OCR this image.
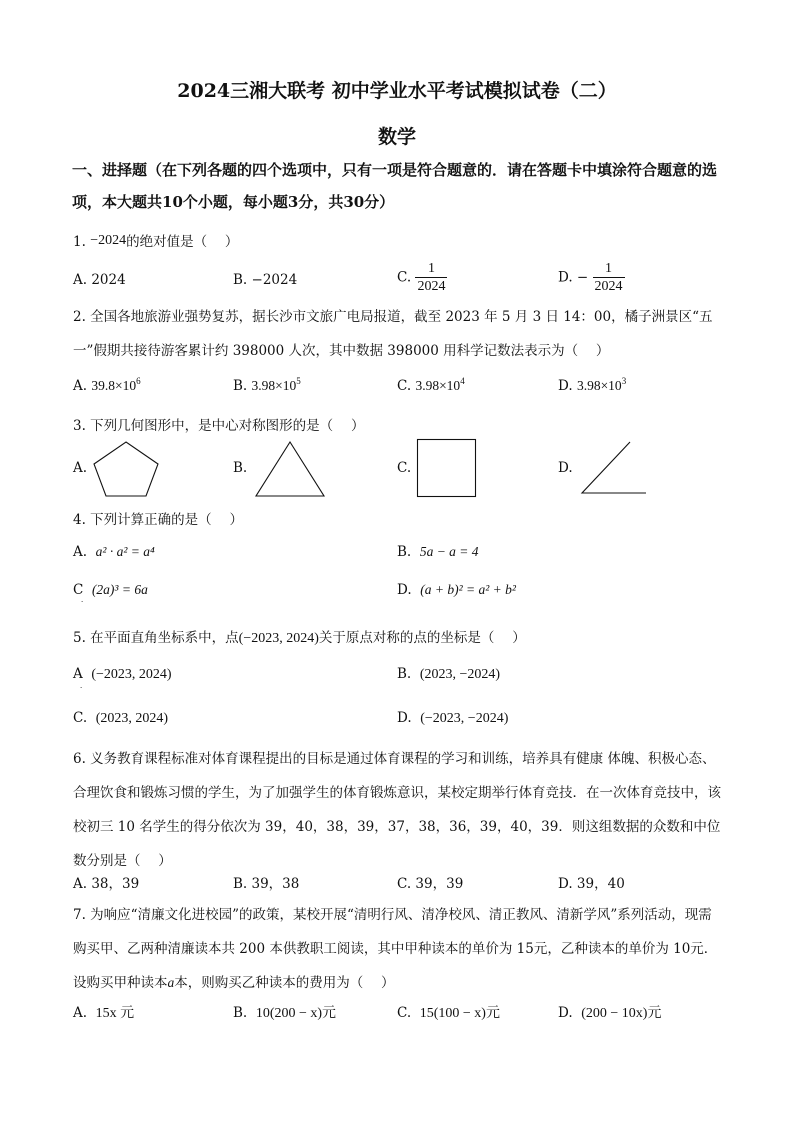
2024三湘大联考 初中学业水平考试模拟试卷（二）
数学
一、进择题（在下列各题的四个选项中，只有一项是符合题意的．请在答题卡中填涂符合题意的选项，本大题共10个小题，每小题3分，共30分）
1. −2024的绝对值是（　 ）
A. 2024	B. −2024	C. $\frac{1}{2024}$	D. − $\frac{1}{2024}$
2. 全国各地旅游业强势复苏，据长沙市文旅广电局报道，截至 2023 年 5 月 3 日 14：00，橘子洲景区“五一”假期共接待游客累计约 398000 人次，其中数据 398000 用科学记数法表示为（　 ）
A. $39.8\times 10^6$	B. $3.98\times 10^5$	C. $3.98\times 10^4$	D. $3.98\times 10^3$
3. 下列几何图形中，是中心对称图形的是（　 ）
A.	B.	C.	D.
4. 下列计算正确的是（　 ）
A. a² · a² = a⁴	B. 5a − a = 4
C (2a)³ = 6a
·
D. (a + b)² = a² + b²
5. 在平面直角坐标系中，点(−2023, 2024)关于原点对称的点的坐标是（　 ）
A (−2023, 2024)
·
B. (2023, −2024)
C. (2023, 2024)	D. (−2023, −2024)
6. 义务教育课程标准对体育课程提出的目标是通过体育课程的学习和训练，培养具有健康 体魄、积极心态、合理饮食和锻炼习惯的学生，为了加强学生的体育锻炼意识，某校定期举行体育竞技．在一次体育竞技中，该校初三 10 名学生的得分依次为 39，40，38，39，37，38，36，39，40，39．则这组数据的众数和中位数分别是（　 ）
A. 38，39	B. 39，38	C. 39，39	D. 39，40
7. 为响应“清廉文化进校园”的政策，某校开展“清明行风、清净校风、清正教风、清新学风”系列活动，现需购买甲、乙两种清廉读本共 200 本供教职工阅读，其中甲种读本的单价为 15元，乙种读本的单价为 10元．设购买甲种读本a本，则购买乙种读本的费用为（　 ）
A. 15x 元	B. 10(200 − x)元	C. 15(100 − x)元	D. (200 − 10x)元
